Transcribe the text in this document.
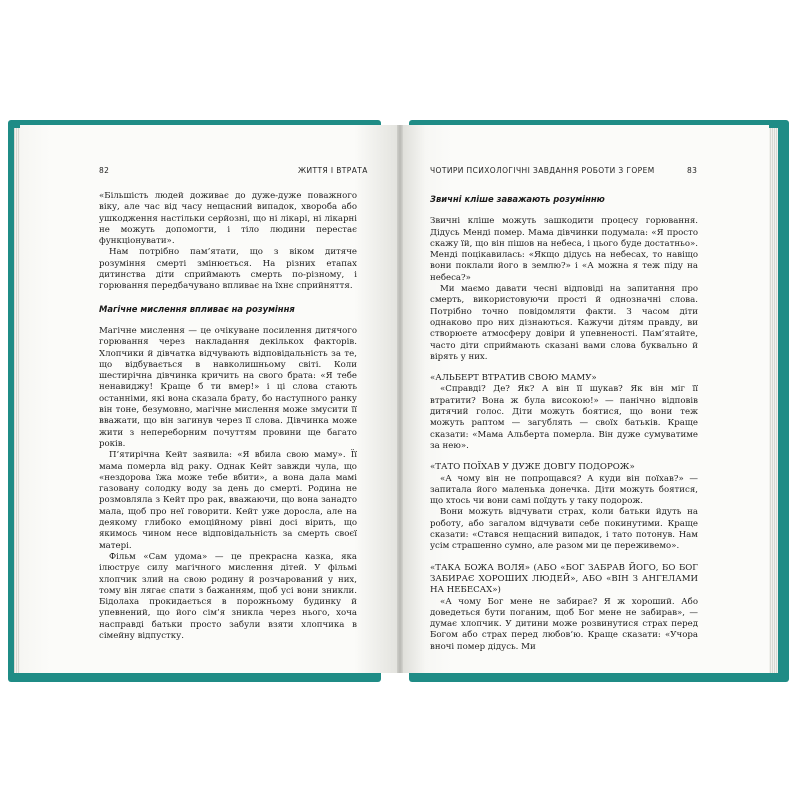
82	ЖИТТЯ І ВТРАТА	ЧОТИРИ ПСИХОЛОГІЧНІ ЗАВДАННЯ РОБОТИ З ГОРЕМ	83

«Більшість людей доживає до дуже-дуже поважного віку, але час від часу нещасний випадок, хвороба або ушкодження настільки серйозні, що ні лікарі, ні лікарні не можуть допомогти, і тіло людини перестає функціонувати».

Нам потрібно пам’ятати, що з віком дитяче розуміння смерті змінюється. На різних етапах дитинства діти сприймають смерть по-різному, і горювання передбачувано впливає на їхнє сприйняття.

Магічне мислення впливає на розуміння

Магічне мислення — це очікуване посилення дитячого горювання через накладання декількох факторів. Хлопчики й дівчатка відчувають відповідальність за те, що відбувається в навколишньому світі. Коли шестирічна дівчинка кричить на свого брата: «Я тебе ненавиджу! Краще б ти вмер!» і ці слова стають останніми, які вона сказала брату, бо наступного ранку він тоне, безумовно, магічне мислення може змусити її вважати, що він загинув через її слова. Дівчинка може жити з непереборним почуттям провини ще багато років.

П’ятирічна Кейт заявила: «Я вбила свою маму». Її мама померла від раку. Однак Кейт завжди чула, що «нездорова їжа може тебе вбити», а вона дала мамі газовану солодку воду за день до смерті. Родина не розмовляла з Кейт про рак, вважаючи, що вона занадто мала, щоб про неї говорити. Кейт уже доросла, але на деякому глибоко емоційному рівні досі вірить, що якимось чином несе відповідальність за смерть своєї матері.

Фільм «Сам удома» — це прекрасна казка, яка ілюструє силу магічного мислення дітей. У фільмі хлопчик злий на свою родину й розчарований у них, тому він лягає спати з бажанням, щоб усі вони зникли. Бідолаха прокидається в порожньому будинку й упевнений, що його сім’я зникла через нього, хоча насправді батьки просто забули взяти хлопчика в сімейну відпустку.

Звичні кліше заважають розумінню

Звичні кліше можуть зашкодити процесу горювання. Дідусь Менді помер. Мама дівчинки подумала: «Я просто скажу їй, що він пішов на небеса, і цього буде достатньо». Менді поцікавилась: «Якщо дідусь на небесах, то навіщо вони поклали його в землю?» і «А можна я теж піду на небеса?»

Ми маємо давати чесні відповіді на запитання про смерть, використовуючи прості й однозначні слова. Потрібно точно повідомляти факти. З часом діти однаково про них дізнаються. Кажучи дітям правду, ви створюєте атмосферу довіри й упевненості. Пам’ятайте, часто діти сприймають сказані вами слова буквально й вірять у них.

«АЛЬБЕРТ ВТРАТИВ СВОЮ МАМУ»

«Справді? Де? Як? А він її шукав? Як він міг її втратити? Вона ж була високою!» — панічно відповів дитячий голос. Діти можуть боятися, що вони теж можуть раптом — загублять — своїх батьків. Краще сказати: «Мама Альберта померла. Він дуже сумуватиме за нею».

«ТАТО ПОЇХАВ У ДУЖЕ ДОВГУ ПОДОРОЖ»

«А чому він не попрощався? А куди він поїхав?» — запитала його маленька донечка. Діти можуть боятися, що хтось чи вони самі поїдуть у таку подорож.

Вони можуть відчувати страх, коли батьки йдуть на роботу, або загалом відчувати себе покинутими. Краще сказати: «Стався нещасний випадок, і тато потонув. Нам усім страшенно сумно, але разом ми це переживемо».

«ТАКА БОЖА ВОЛЯ» (АБО «БОГ ЗАБРАВ ЙОГО, БО БОГ ЗАБИРАЄ ХОРОШИХ ЛЮДЕЙ», АБО «ВІН З АНГЕЛАМИ НА НЕБЕСАХ»)

«А чому Бог мене не забирає? Я ж хороший. Або доведеться бути поганим, щоб Бог мене не забирав», — думає хлопчик. У дитини може розвинутися страх перед Богом або страх перед любов’ю. Краще сказати: «Учора вночі помер дідусь. Ми
